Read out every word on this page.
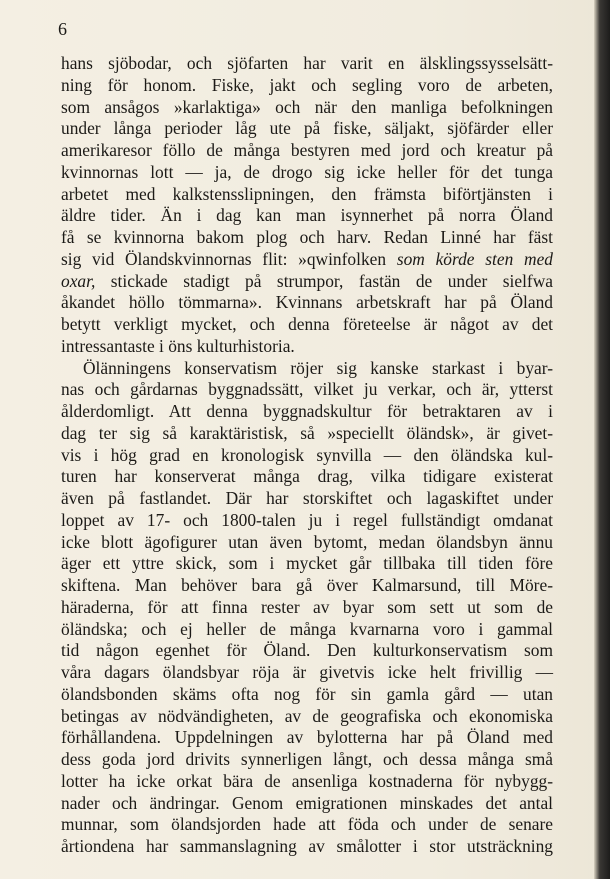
6
hans sjöbodar, och sjöfarten har varit en älsklingssysselsätt-
ning för honom. Fiske, jakt och segling voro de arbeten,
som ansågos »karlaktiga» och när den manliga befolkningen
under långa perioder låg ute på fiske, säljakt, sjöfärder eller
amerikaresor föllo de många bestyren med jord och kreatur på
kvinnornas lott — ja, de drogo sig icke heller för det tunga
arbetet med kalkstensslipningen, den främsta biförtjänsten i
äldre tider. Än i dag kan man isynnerhet på norra Öland
få se kvinnorna bakom plog och harv. Redan Linné har fäst
sig vid Ölandskvinnornas flit: »qwinfolken som körde sten med
oxar, stickade stadigt på strumpor, fastän de under sielfwa
åkandet höllo tömmarna». Kvinnans arbetskraft har på Öland
betytt verkligt mycket, och denna företeelse är något av det
intressantaste i öns kulturhistoria.
Ölänningens konservatism röjer sig kanske starkast i byar-
nas och gårdarnas byggnadssätt, vilket ju verkar, och är, ytterst
ålderdomligt. Att denna byggnadskultur för betraktaren av i
dag ter sig så karaktäristisk, så »speciellt öländsk», är givet-
vis i hög grad en kronologisk synvilla — den öländska kul-
turen har konserverat många drag, vilka tidigare existerat
även på fastlandet. Där har storskiftet och lagaskiftet under
loppet av 17- och 1800-talen ju i regel fullständigt omdanat
icke blott ägofigurer utan även bytomt, medan ölandsbyn ännu
äger ett yttre skick, som i mycket går tillbaka till tiden före
skiftena. Man behöver bara gå över Kalmarsund, till Möre-
häraderna, för att finna rester av byar som sett ut som de
öländska; och ej heller de många kvarnarna voro i gammal
tid någon egenhet för Öland. Den kulturkonservatism som
våra dagars ölandsbyar röja är givetvis icke helt frivillig —
ölandsbonden skäms ofta nog för sin gamla gård — utan
betingas av nödvändigheten, av de geografiska och ekonomiska
förhållandena. Uppdelningen av bylotterna har på Öland med
dess goda jord drivits synnerligen långt, och dessa många små
lotter ha icke orkat bära de ansenliga kostnaderna för nybygg-
nader och ändringar. Genom emigrationen minskades det antal
munnar, som ölandsjorden hade att föda och under de senare
årtiondena har sammanslagning av smålotter i stor utsträckning
